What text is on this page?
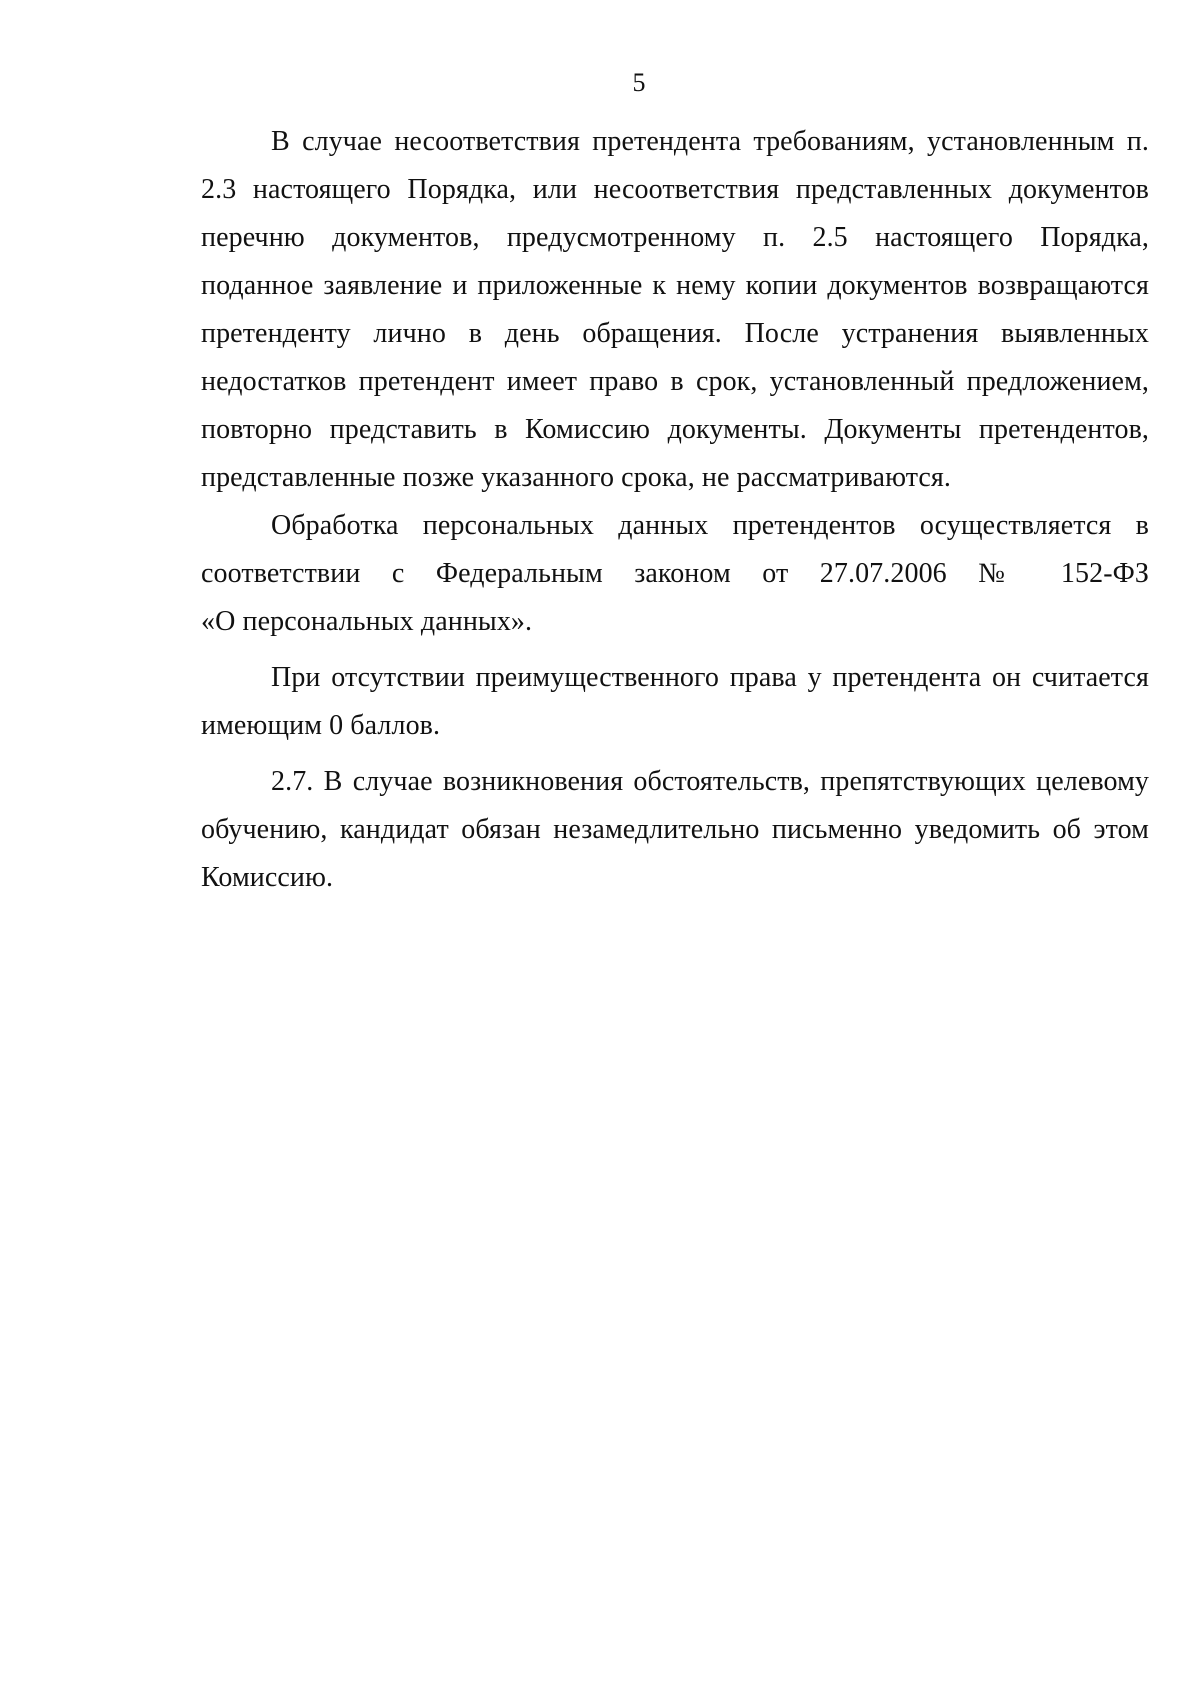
5

В случае несоответствия претендента требованиям, установленным п.
2.3 настоящего Порядка, или несоответствия представленных документов
перечню документов, предусмотренному п. 2.5 настоящего Порядка,
поданное заявление и приложенные к нему копии документов возвращаются
претенденту лично в день обращения. После устранения выявленных
недостатков претендент имеет право в срок, установленный предложением,
повторно представить в Комиссию документы. Документы претендентов,
представленные позже указанного срока, не рассматриваются.

Обработка персональных данных претендентов осуществляется в
соответствии с Федеральным законом от 27.07.2006 № 152-ФЗ
«О персональных данных».

При отсутствии преимущественного права у претендента он считается
имеющим 0 баллов.

2.7. В случае возникновения обстоятельств, препятствующих целевому
обучению, кандидат обязан незамедлительно письменно уведомить об этом
Комиссию.
